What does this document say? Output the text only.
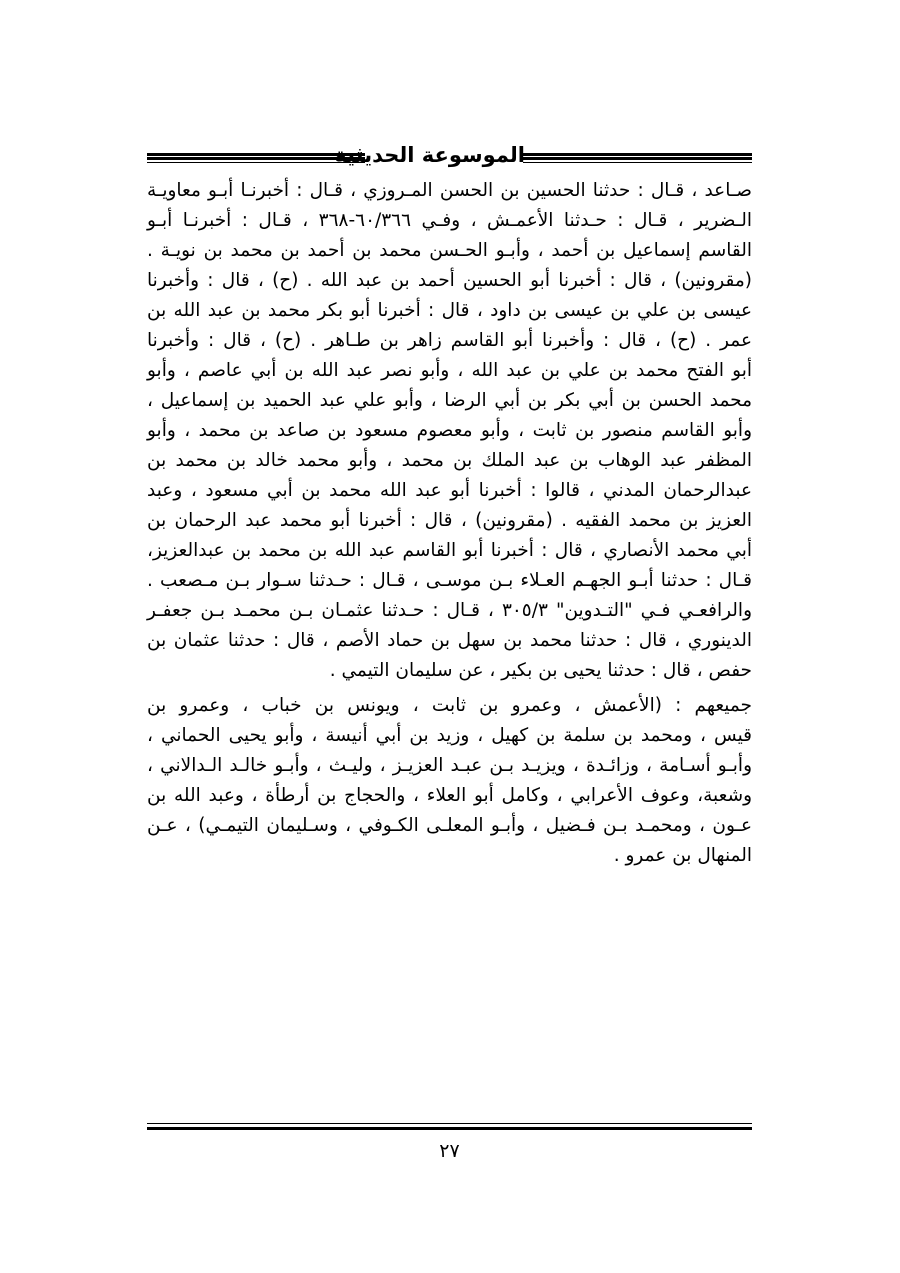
الموسوعة الحديثية

صـاعد ، قـال : حدثنا الحسين بن الحسن المـروزي ، قـال : أخبرنـا أبـو معاويـة

الـضرير ، قـال : حـدثنا الأعمـش ، وفـي ٦٠/٣٦٦-٣٦٨ ، قـال : أخبرنـا أبـو

القاسم إسماعيل بن أحمد ، وأبـو الحـسن محمد بن أحمد بن محمد بن نويـة .

(مقرونين) ، قال : أخبرنا أبو الحسين أحمد بن عبد الله . (ح) ، قال : وأخبرنا

عيسى بن علي بن عيسى بن داود ، قال : أخبرنا أبو بكر محمد بن عبد الله بن

عمر . (ح) ، قال : وأخبرنا أبو القاسم زاهر بن طـاهر . (ح) ، قال : وأخبرنا

أبو الفتح محمد بن علي بن عبد الله ، وأبو نصر عبد الله بن أبي عاصم ، وأبو

محمد الحسن بن أبي بكر بن أبي الرضا ، وأبو علي عبد الحميد بن إسماعيل ،

وأبو القاسم منصور بن ثابت ، وأبو معصوم مسعود بن صاعد بن محمد ، وأبو

المظفر عبد الوهاب بن عبد الملك بن محمد ، وأبو محمد خالد بن محمد بن

عبدالرحمان المدني ، قالوا : أخبرنا أبو عبد الله محمد بن أبي مسعود ، وعبد

العزيز بن محمد الفقيه . (مقرونين) ، قال : أخبرنا أبو محمد عبد الرحمان بن

أبي محمد الأنصاري ، قال : أخبرنا أبو القاسم عبد الله بن محمد بن عبدالعزيز،

قـال : حدثنا أبـو الجهـم العـلاء بـن موسـى ، قـال : حـدثنا سـوار بـن مـصعب .

والرافعـي فـي "التـدوين" ٣٠٥/٣ ، قـال : حـدثنا عثمـان بـن محمـد بـن جعفـر

الدينوري ، قال : حدثنا محمد بن سهل بن حماد الأصم ، قال : حدثنا عثمان بن

حفص ، قال : حدثنا يحيى بن بكير ، عن سليمان التيمي .

جميعهم : (الأعمش ، وعمرو بن ثابت ، ويونس بن خباب ، وعمرو بن

قيس ، ومحمد بن سلمة بن كهيل ، وزيد بن أبي أنيسة ، وأبو يحيى الحماني ،

وأبـو أسـامة ، وزائـدة ، ويزيـد بـن عبـد العزيـز ، وليـث ، وأبـو خالـد الـدالاني ،

وشعبة، وعوف الأعرابي ، وكامل أبو العلاء ، والحجاج بن أرطأة ، وعبد الله بن

عـون ، ومحمـد بـن فـضيل ، وأبـو المعلـى الكـوفي ، وسـليمان التيمـي) ، عـن

المنهال بن عمرو .

٢٧
